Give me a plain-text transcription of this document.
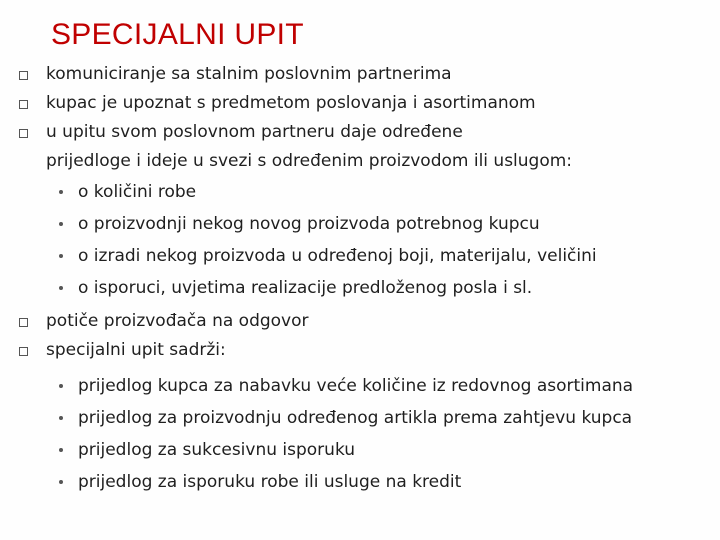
SPECIJALNI UPIT
komuniciranje sa stalnim poslovnim partnerima
kupac je upoznat s predmetom poslovanja i asortimanom
u upitu svom poslovnom partneru daje određene
prijedloge i ideje u svezi s određenim proizvodom ili uslugom:
o količini robe
o proizvodnji nekog novog proizvoda potrebnog kupcu
o izradi nekog proizvoda u određenoj boji, materijalu, veličini
o isporuci, uvjetima realizacije predloženog posla i sl.
potiče proizvođača na odgovor
specijalni upit sadrži:
prijedlog kupca za nabavku veće količine iz redovnog asortimana
prijedlog za proizvodnju određenog artikla prema zahtjevu kupca
prijedlog za sukcesivnu isporuku
prijedlog za isporuku robe ili usluge na kredit
